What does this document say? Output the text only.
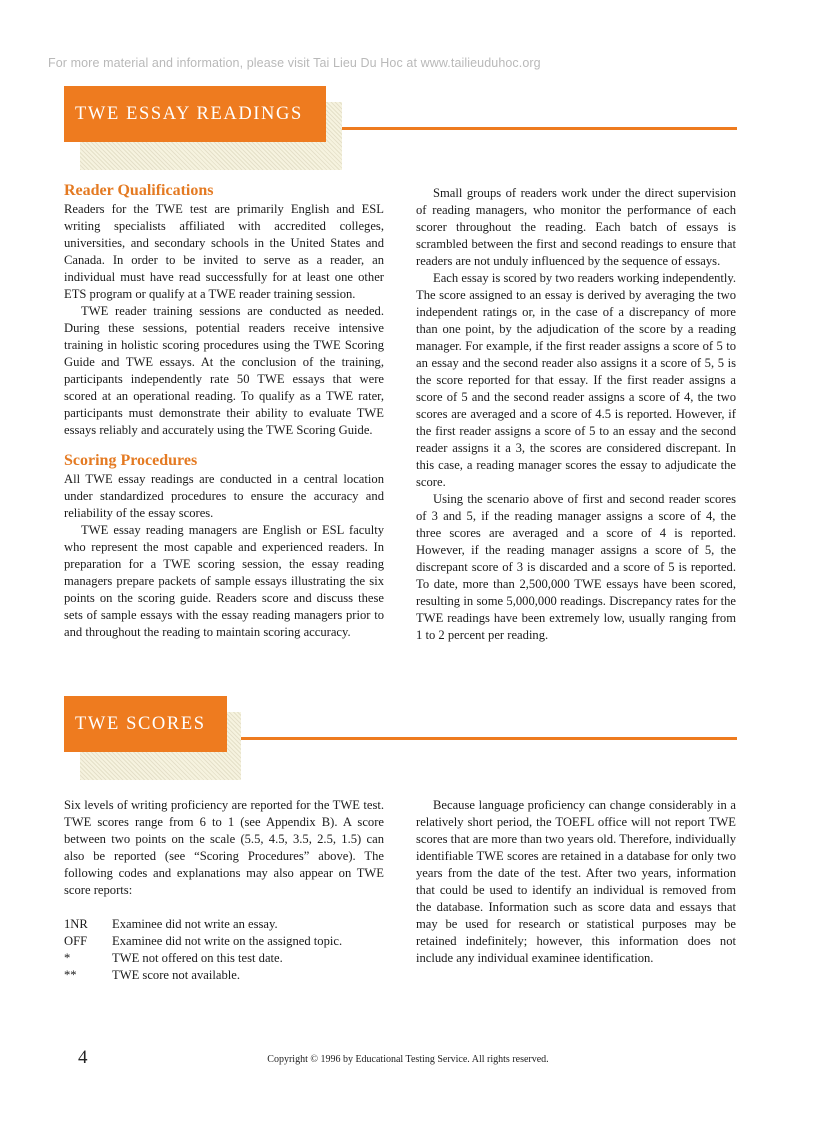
For more material and information, please visit Tai Lieu Du Hoc at www.tailieuduhoc.org
TWE ESSAY READINGS
Reader Qualifications

Readers for the TWE test are primarily English and ESL writing specialists affiliated with accredited colleges, universities, and secondary schools in the United States and Canada. In order to be invited to serve as a reader, an individual must have read successfully for at least one other ETS program or qualify at a TWE reader training session.

TWE reader training sessions are conducted as needed. During these sessions, potential readers receive intensive training in holistic scoring procedures using the TWE Scoring Guide and TWE essays. At the conclusion of the training, participants independently rate 50 TWE essays that were scored at an operational reading. To qualify as a TWE rater, participants must demonstrate their ability to evaluate TWE essays reliably and accurately using the TWE Scoring Guide.

Scoring Procedures

All TWE essay readings are conducted in a central location under standardized procedures to ensure the accuracy and reliability of the essay scores.

TWE essay reading managers are English or ESL faculty who represent the most capable and experienced readers. In preparation for a TWE scoring session, the essay reading managers prepare packets of sample essays illustrating the six points on the scoring guide. Readers score and discuss these sets of sample essays with the essay reading managers prior to and throughout the reading to maintain scoring accuracy.

Small groups of readers work under the direct supervision of reading managers, who monitor the performance of each scorer throughout the reading. Each batch of essays is scrambled between the first and second readings to ensure that readers are not unduly influenced by the sequence of essays.

Each essay is scored by two readers working independently. The score assigned to an essay is derived by averaging the two independent ratings or, in the case of a discrepancy of more than one point, by the adjudication of the score by a reading manager. For example, if the first reader assigns a score of 5 to an essay and the second reader also assigns it a score of 5, 5 is the score reported for that essay. If the first reader assigns a score of 5 and the second reader assigns a score of 4, the two scores are averaged and a score of 4.5 is reported. However, if the first reader assigns a score of 5 to an essay and the second reader assigns it a 3, the scores are considered discrepant. In this case, a reading manager scores the essay to adjudicate the score.

Using the scenario above of first and second reader scores of 3 and 5, if the reading manager assigns a score of 4, the three scores are averaged and a score of 4 is reported. However, if the reading manager assigns a score of 5, the discrepant score of 3 is discarded and a score of 5 is reported. To date, more than 2,500,000 TWE essays have been scored, resulting in some 5,000,000 readings. Discrepancy rates for the TWE readings have been extremely low, usually ranging from 1 to 2 percent per reading.

TWE SCORES

Six levels of writing proficiency are reported for the TWE test. TWE scores range from 6 to 1 (see Appendix B). A score between two points on the scale (5.5, 4.5, 3.5, 2.5, 1.5) can also be reported (see “Scoring Procedures” above). The following codes and explanations may also appear on TWE score reports:

1NR	Examinee did not write an essay.
OFF	Examinee did not write on the assigned topic.
*	TWE not offered on this test date.
**	TWE score not available.

Because language proficiency can change considerably in a relatively short period, the TOEFL office will not report TWE scores that are more than two years old. Therefore, individually identifiable TWE scores are retained in a database for only two years from the date of the test. After two years, information that could be used to identify an individual is removed from the database. Information such as score data and essays that may be used for research or statistical purposes may be retained indefinitely; however, this information does not include any individual examinee identification.

4	Copyright © 1996 by Educational Testing Service. All rights reserved.
